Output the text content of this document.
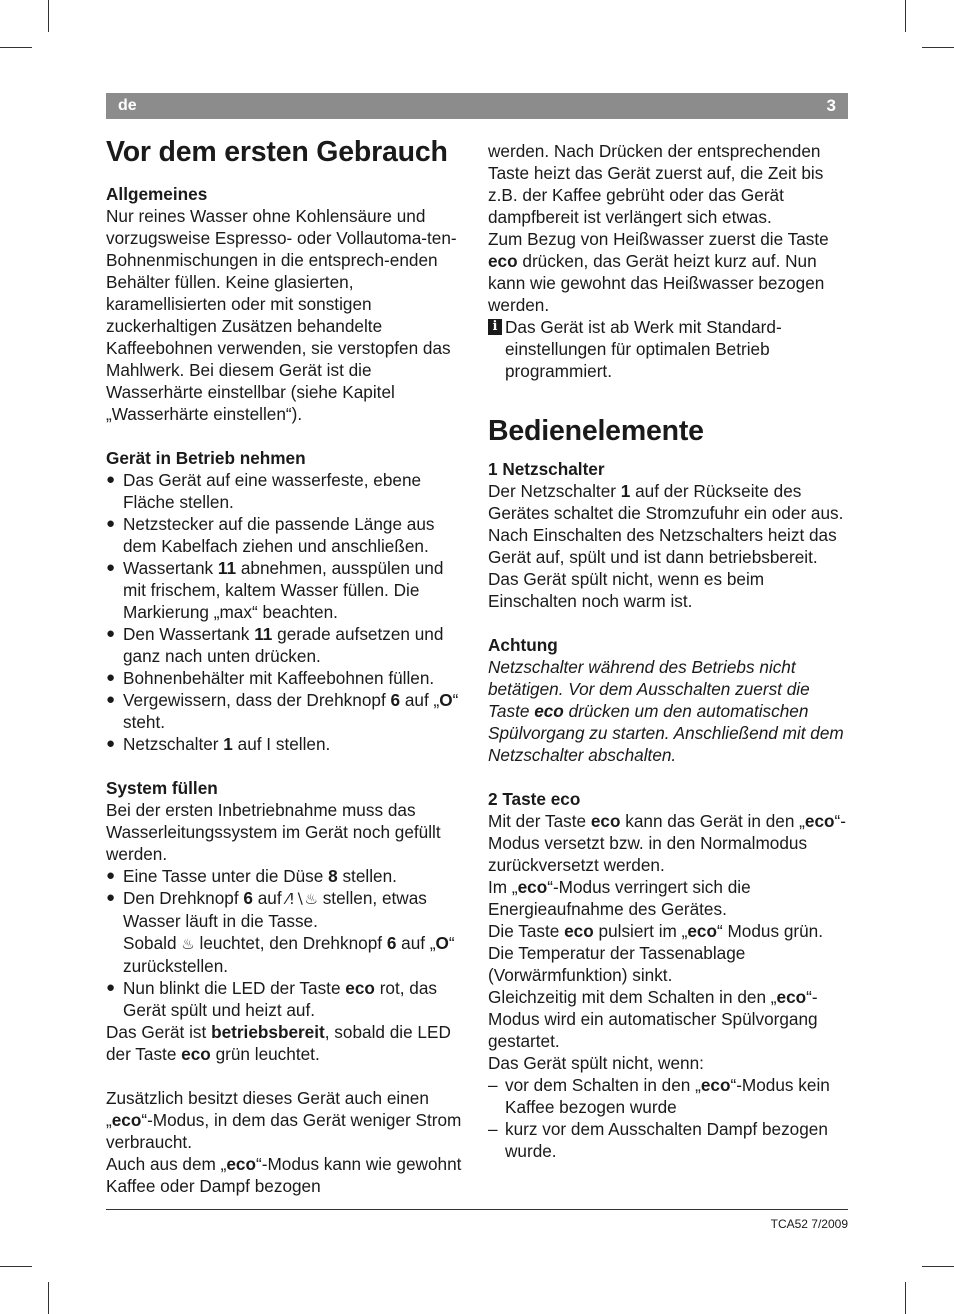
de	3
Vor dem ersten Gebrauch
Allgemeines

Nur reines Wasser ohne Kohlensäure und vorzugsweise Espresso- oder Vollautoma-ten-Bohnenmischungen in die entsprech-enden Behälter füllen. Keine glasierten, karamellisierten oder mit sonstigen zuckerhaltigen Zusätzen behandelte Kaffeebohnen verwenden, sie verstopfen das Mahlwerk. Bei diesem Gerät ist die Wasserhärte einstellbar (siehe Kapitel „Wasserhärte einstellen“).

Gerät in Betrieb nehmen
● Das Gerät auf eine wasserfeste, ebene Fläche stellen.
● Netzstecker auf die passende Länge aus dem Kabelfach ziehen und anschließen.
● Wassertank 11 abnehmen, ausspülen und mit frischem, kaltem Wasser füllen. Die Markierung „max“ beachten.
● Den Wassertank 11 gerade aufsetzen und ganz nach unten drücken.
● Bohnenbehälter mit Kaffeebohnen füllen.
● Vergewissern, dass der Drehknopf 6 auf „O“ steht.
● Netzschalter 1 auf I stellen.
System füllen

Bei der ersten Inbetriebnahme muss das Wasserleitungssystem im Gerät noch gefüllt werden.

● Eine Tasse unter die Düse 8 stellen.
● Den Drehknopf 6 auf ⁄!∖♨ stellen, etwas Wasser läuft in die Tasse.
Sobald ♨ leuchtet, den Drehknopf 6 auf „O“ zurückstellen.
● Nun blinkt die LED der Taste eco rot, das Gerät spült und heizt auf.

Das Gerät ist betriebsbereit, sobald die LED der Taste eco grün leuchtet.

Zusätzlich besitzt dieses Gerät auch einen „eco“-Modus, in dem das Gerät weniger Strom verbraucht.

Auch aus dem „eco“-Modus kann wie gewohnt Kaffee oder Dampf bezogen

werden. Nach Drücken der entsprechenden Taste heizt das Gerät zuerst auf, die Zeit bis z.B. der Kaffee gebrüht oder das Gerät dampfbereit ist verlängert sich etwas.

Zum Bezug von Heißwasser zuerst die Taste eco drücken, das Gerät heizt kurz auf. Nun kann wie gewohnt das Heißwasser bezogen werden.

i Das Gerät ist ab Werk mit Standard-einstellungen für optimalen Betrieb programmiert.
Bedienelemente
1 Netzschalter

Der Netzschalter 1 auf der Rückseite des Gerätes schaltet die Stromzufuhr ein oder aus.

Nach Einschalten des Netzschalters heizt das Gerät auf, spült und ist dann betriebsbereit.

Das Gerät spült nicht, wenn es beim Einschalten noch warm ist.

Achtung

Netzschalter während des Betriebs nicht betätigen. Vor dem Ausschalten zuerst die Taste eco drücken um den automatischen Spülvorgang zu starten. Anschließend mit dem Netzschalter abschalten.

2 Taste eco

Mit der Taste eco kann das Gerät in den „eco“-Modus versetzt bzw. in den Normalmodus zurückversetzt werden.

Im „eco“-Modus verringert sich die Energieaufnahme des Gerätes.

Die Taste eco pulsiert im „eco“ Modus grün. Die Temperatur der Tassenablage (Vorwärmfunktion) sinkt.

Gleichzeitig mit dem Schalten in den „eco“-Modus wird ein automatischer Spülvorgang gestartet.

Das Gerät spült nicht, wenn:

– vor dem Schalten in den „eco“-Modus kein Kaffee bezogen wurde
– kurz vor dem Ausschalten Dampf bezogen wurde.
TCA52 7/2009
